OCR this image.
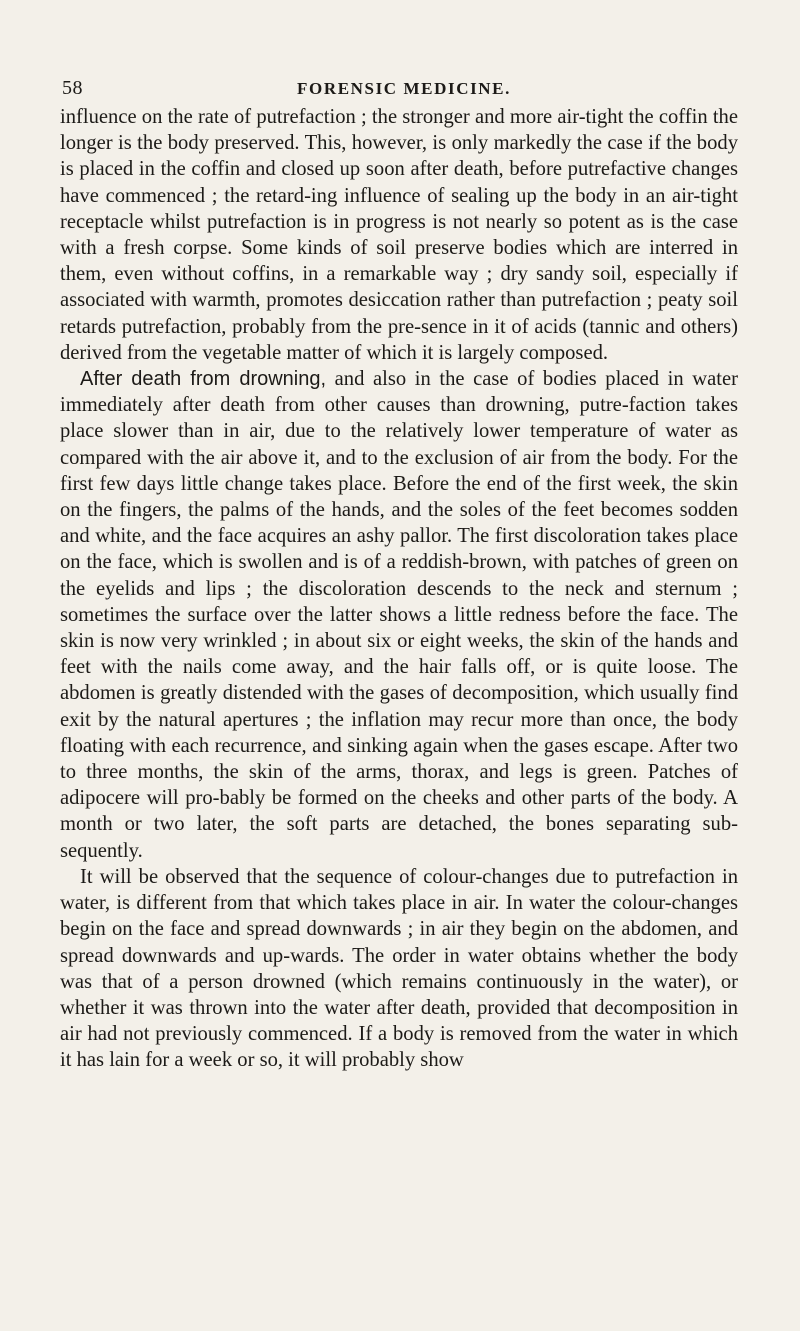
58	FORENSIC MEDICINE.

influence on the rate of putrefaction ; the stronger and more air-tight the coffin the longer is the body preserved. This, however, is only markedly the case if the body is placed in the coffin and closed up soon after death, before putrefactive changes have commenced ; the retard-ing influence of sealing up the body in an air-tight receptacle whilst putrefaction is in progress is not nearly so potent as is the case with a fresh corpse. Some kinds of soil preserve bodies which are interred in them, even without coffins, in a remarkable way ; dry sandy soil, especially if associated with warmth, promotes desiccation rather than putrefaction ; peaty soil retards putrefaction, probably from the pre-sence in it of acids (tannic and others) derived from the vegetable matter of which it is largely composed.

After death from drowning, and also in the case of bodies placed in water immediately after death from other causes than drowning, putre-faction takes place slower than in air, due to the relatively lower temperature of water as compared with the air above it, and to the exclusion of air from the body. For the first few days little change takes place. Before the end of the first week, the skin on the fingers, the palms of the hands, and the soles of the feet becomes sodden and white, and the face acquires an ashy pallor. The first discoloration takes place on the face, which is swollen and is of a reddish-brown, with patches of green on the eyelids and lips ; the discoloration descends to the neck and sternum ; sometimes the surface over the latter shows a little redness before the face. The skin is now very wrinkled ; in about six or eight weeks, the skin of the hands and feet with the nails come away, and the hair falls off, or is quite loose. The abdomen is greatly distended with the gases of decomposition, which usually find exit by the natural apertures ; the inflation may recur more than once, the body floating with each recurrence, and sinking again when the gases escape. After two to three months, the skin of the arms, thorax, and legs is green. Patches of adipocere will pro-bably be formed on the cheeks and other parts of the body. A month or two later, the soft parts are detached, the bones separating sub-sequently.

It will be observed that the sequence of colour-changes due to putrefaction in water, is different from that which takes place in air. In water the colour-changes begin on the face and spread downwards ; in air they begin on the abdomen, and spread downwards and up-wards. The order in water obtains whether the body was that of a person drowned (which remains continuously in the water), or whether it was thrown into the water after death, provided that decomposition in air had not previously commenced. If a body is removed from the water in which it has lain for a week or so, it will probably show
